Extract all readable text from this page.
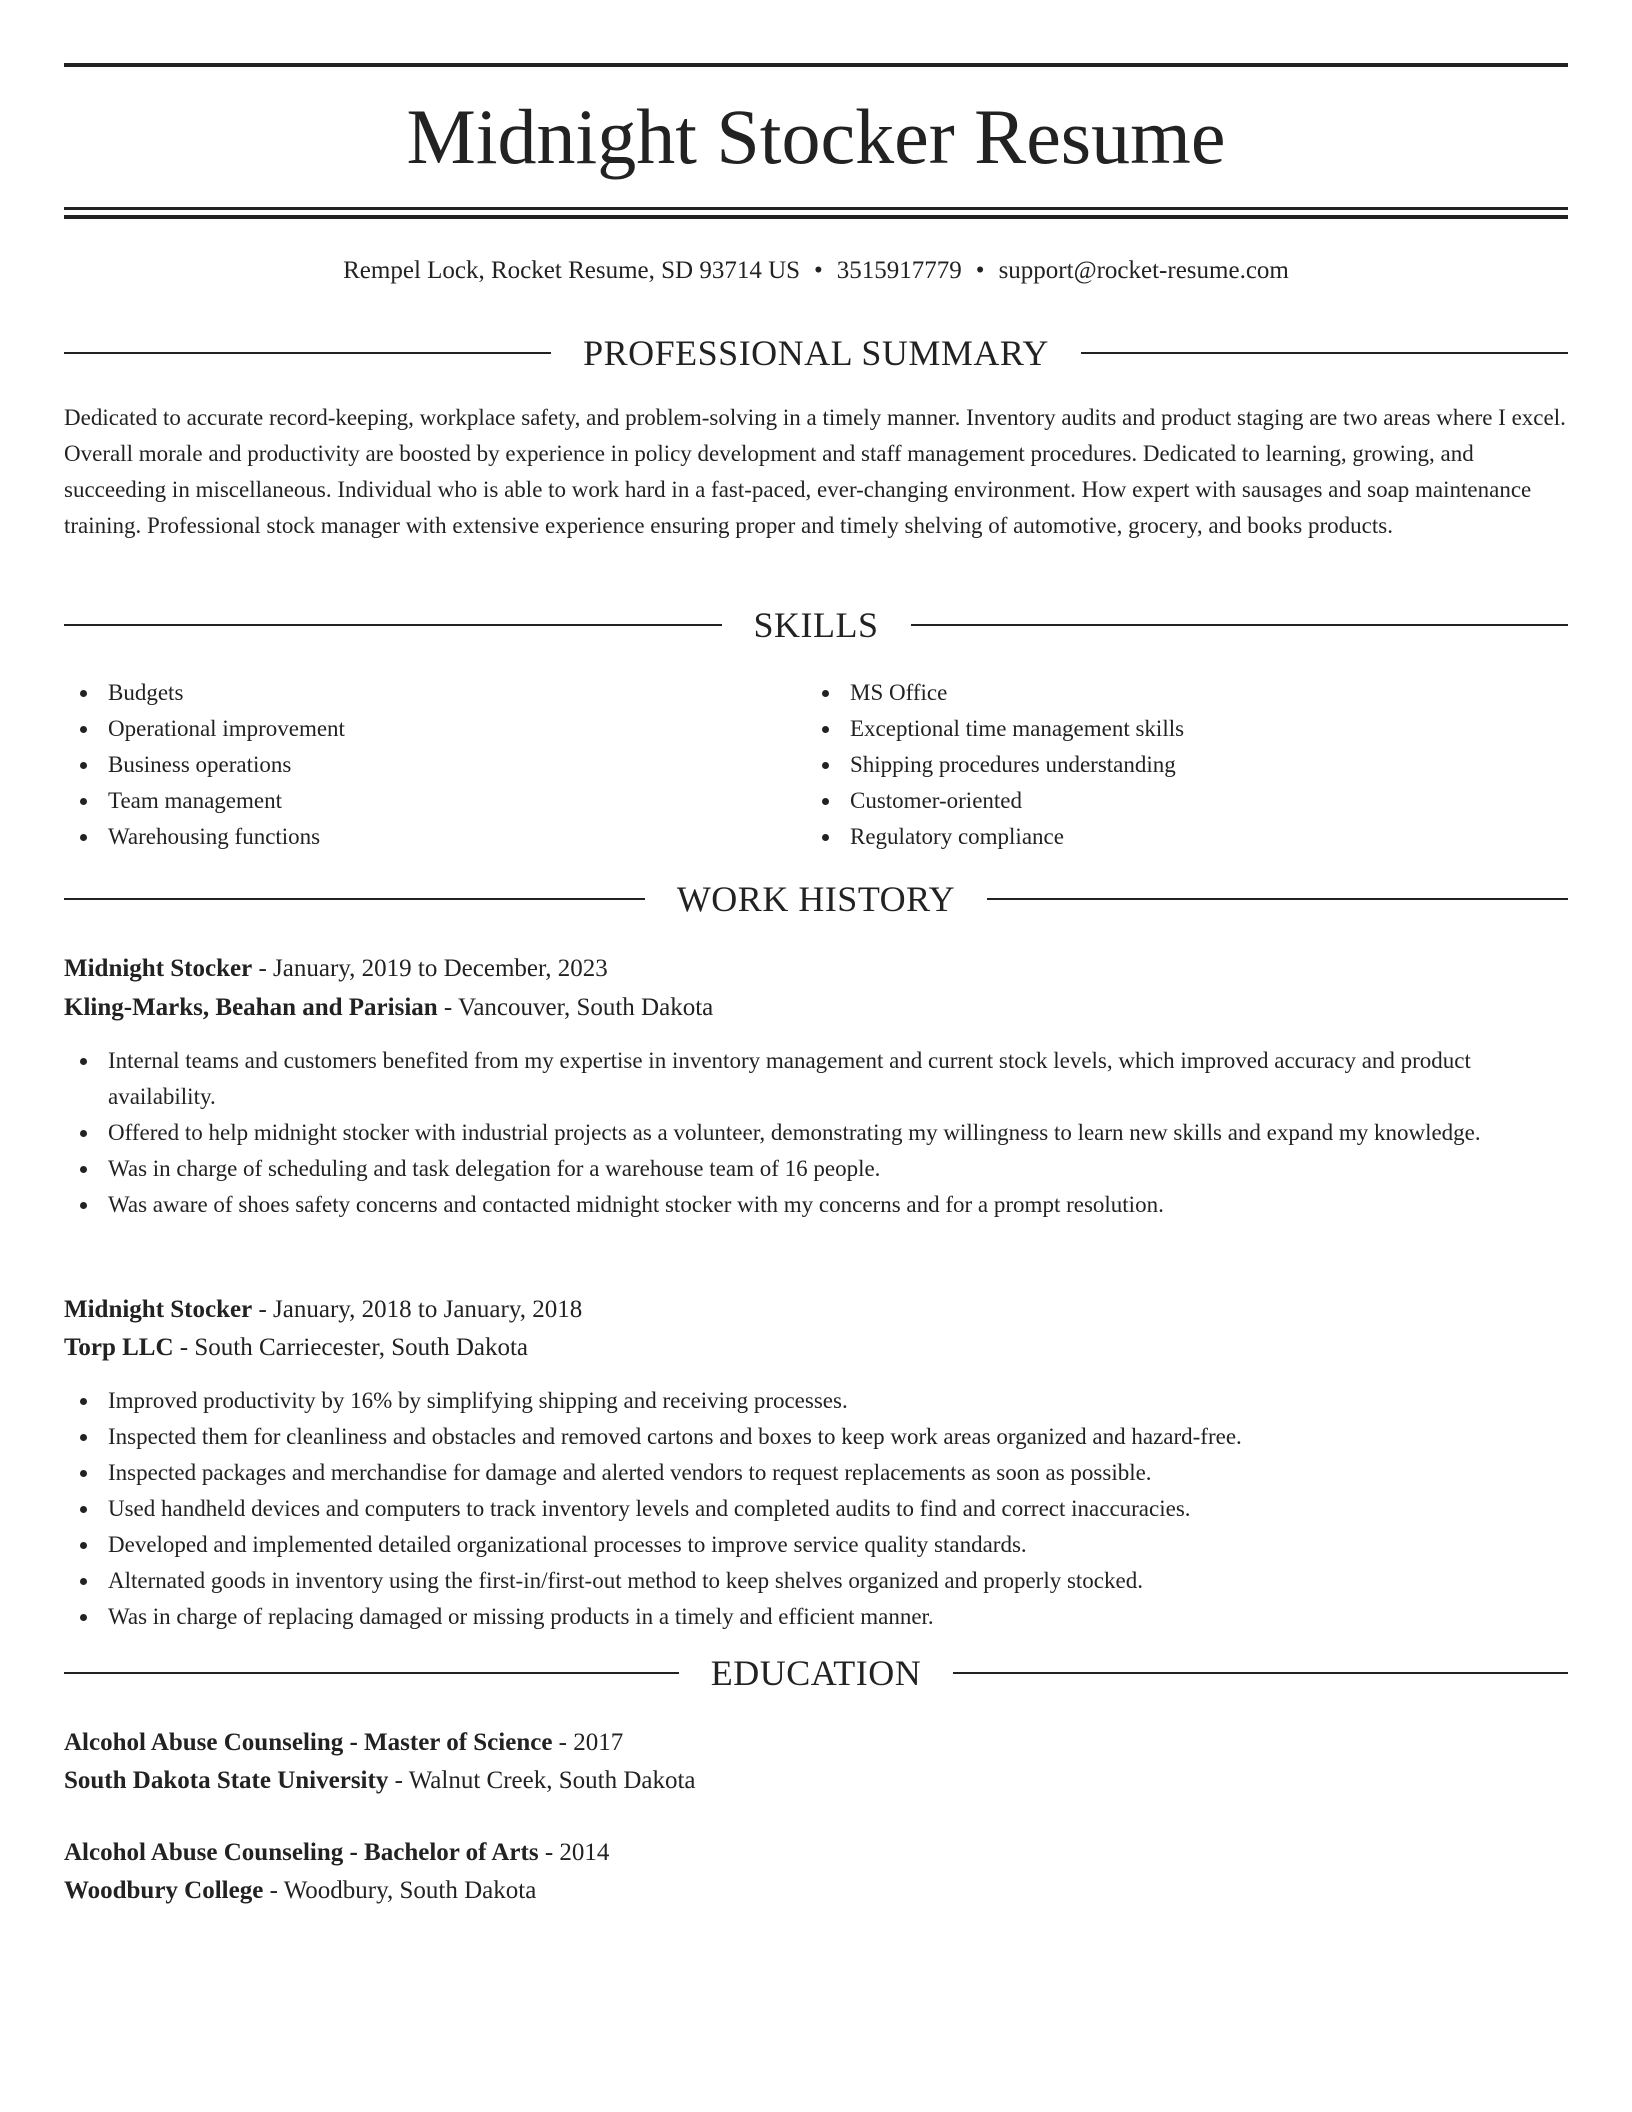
Midnight Stocker Resume
Rempel Lock, Rocket Resume, SD 93714 US • 3515917779 • support@rocket-resume.com
PROFESSIONAL SUMMARY

Dedicated to accurate record-keeping, workplace safety, and problem-solving in a timely manner. Inventory audits and product staging are two areas where I excel. Overall morale and productivity are boosted by experience in policy development and staff management procedures. Dedicated to learning, growing, and succeeding in miscellaneous. Individual who is able to work hard in a fast-paced, ever-changing environment. How expert with sausages and soap maintenance training. Professional stock manager with extensive experience ensuring proper and timely shelving of automotive, grocery, and books products.

SKILLS
Budgets
Operational improvement
Business operations
Team management
Warehousing functions
MS Office
Exceptional time management skills
Shipping procedures understanding
Customer-oriented
Regulatory compliance
WORK HISTORY
Midnight Stocker - January, 2019 to December, 2023
Kling-Marks, Beahan and Parisian - Vancouver, South Dakota
Internal teams and customers benefited from my expertise in inventory management and current stock levels, which improved accuracy and product availability.
Offered to help midnight stocker with industrial projects as a volunteer, demonstrating my willingness to learn new skills and expand my knowledge.
Was in charge of scheduling and task delegation for a warehouse team of 16 people.
Was aware of shoes safety concerns and contacted midnight stocker with my concerns and for a prompt resolution.
Midnight Stocker - January, 2018 to January, 2018
Torp LLC - South Carriecester, South Dakota
Improved productivity by 16% by simplifying shipping and receiving processes.
Inspected them for cleanliness and obstacles and removed cartons and boxes to keep work areas organized and hazard-free.
Inspected packages and merchandise for damage and alerted vendors to request replacements as soon as possible.
Used handheld devices and computers to track inventory levels and completed audits to find and correct inaccuracies.
Developed and implemented detailed organizational processes to improve service quality standards.
Alternated goods in inventory using the first-in/first-out method to keep shelves organized and properly stocked.
Was in charge of replacing damaged or missing products in a timely and efficient manner.
EDUCATION
Alcohol Abuse Counseling - Master of Science - 2017
South Dakota State University - Walnut Creek, South Dakota
Alcohol Abuse Counseling - Bachelor of Arts - 2014
Woodbury College - Woodbury, South Dakota
